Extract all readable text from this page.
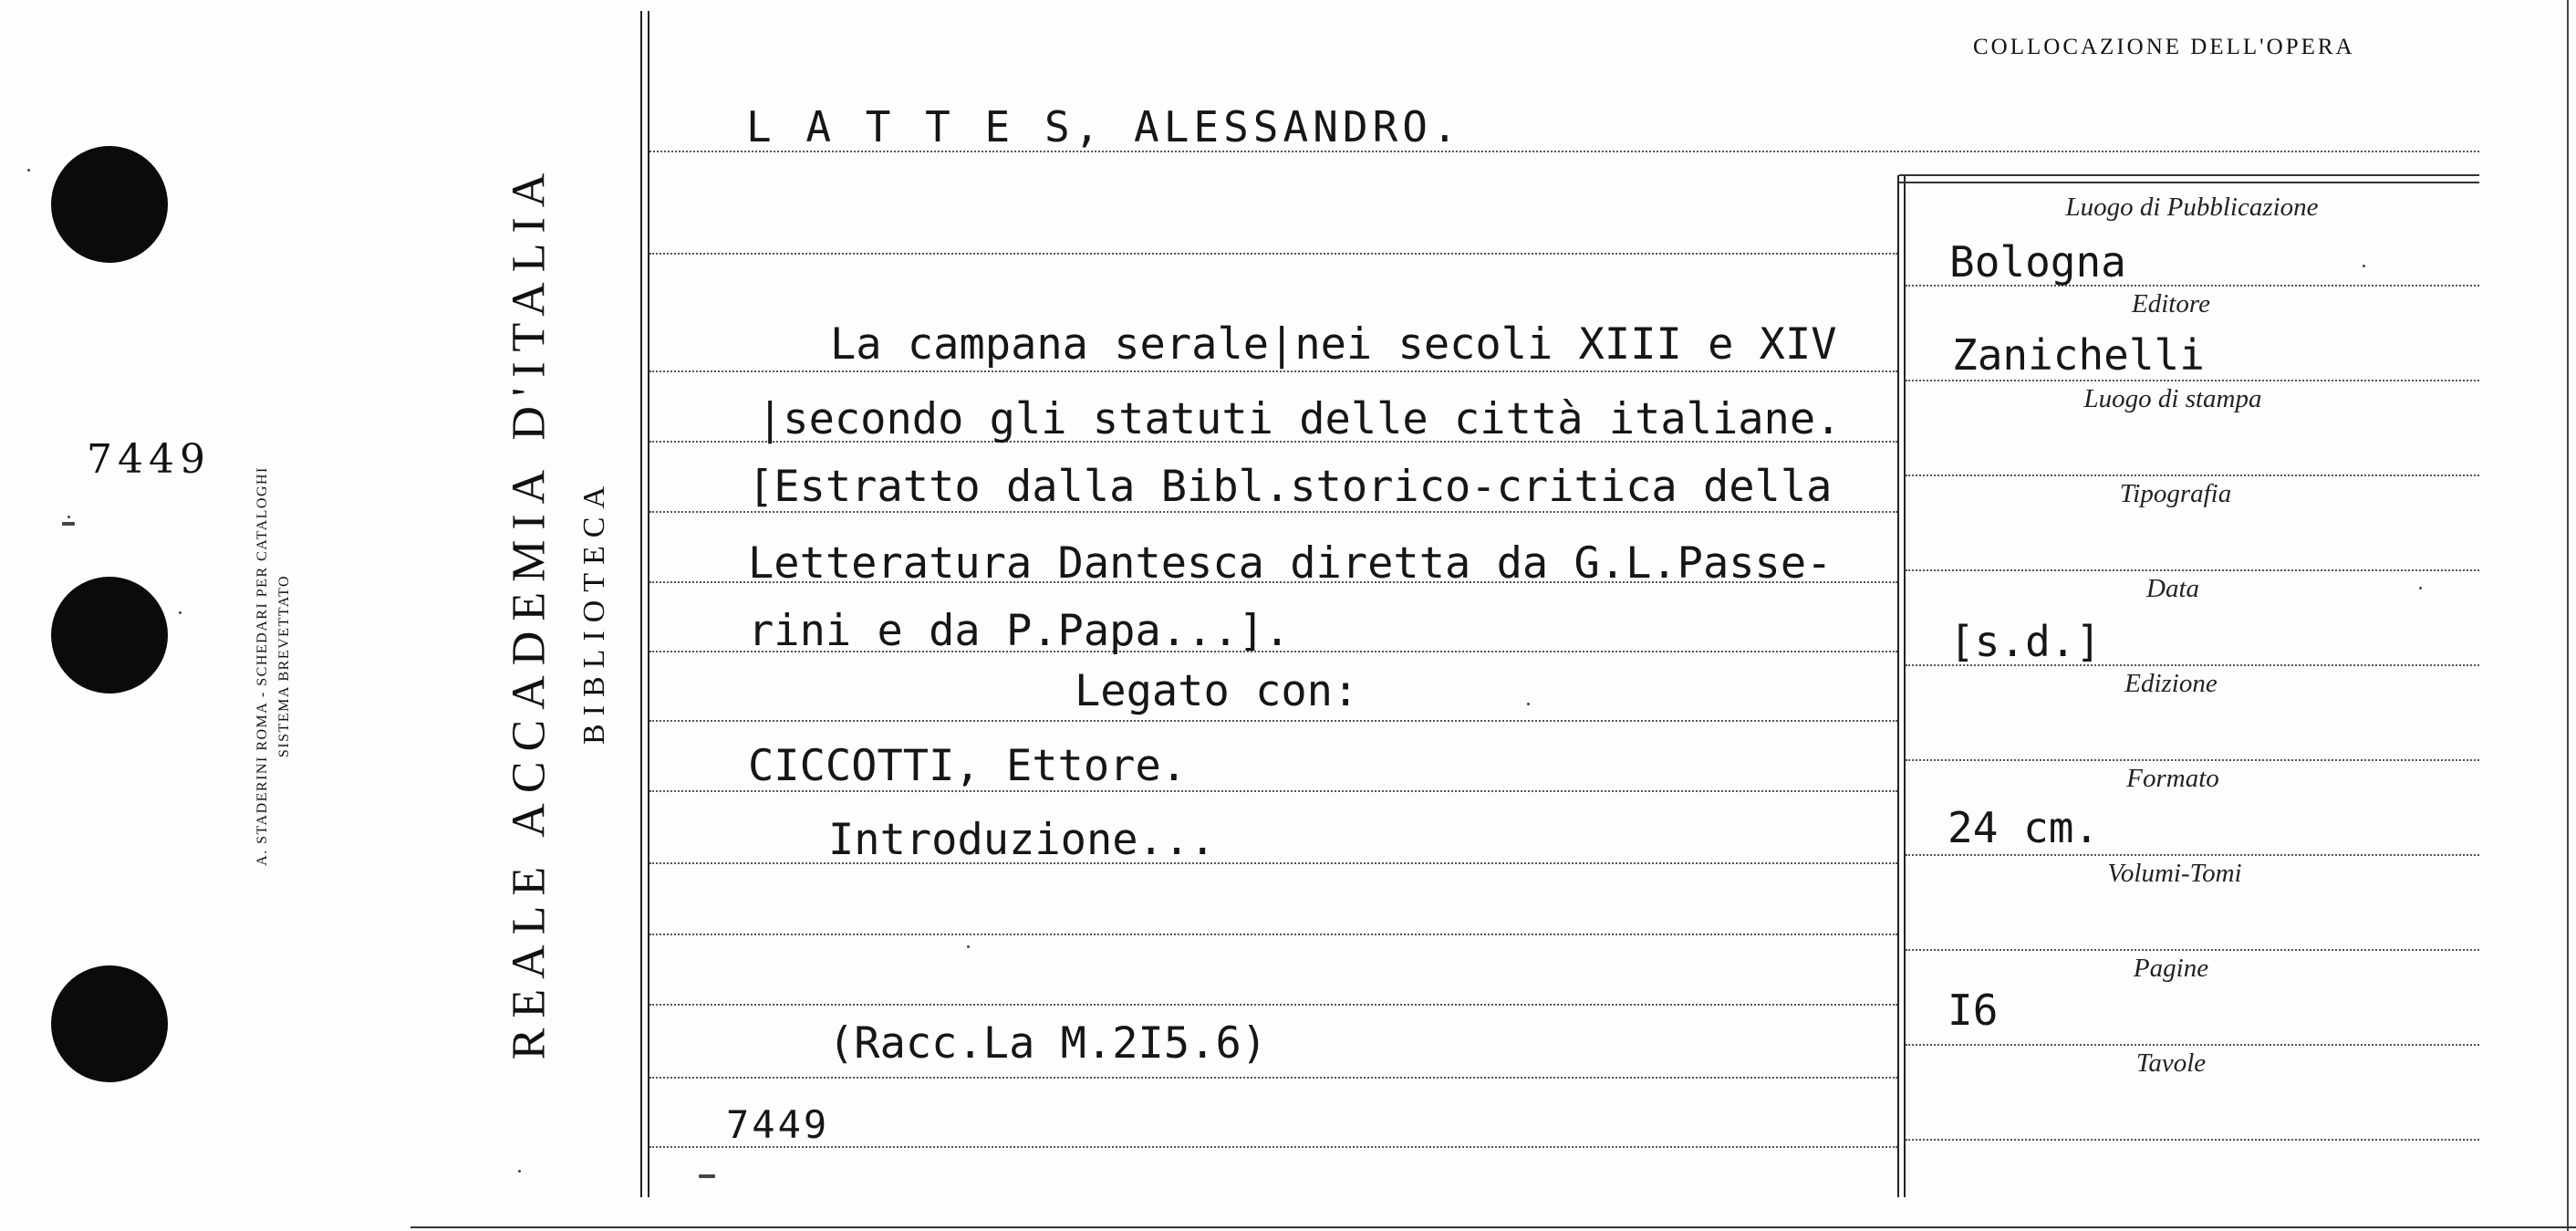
7449
A. STADERINI ROMA - SCHEDARI PER CATALOGHI SISTEMA BREVETTATO	REALE ACCADEMIA D'ITALIA BIBLIOTECA
COLLOCAZIONE DELL'OPERA
L A T T E S, ALESSANDRO.
La campana serale|nei secoli XIII e XIV
|secondo gli statuti delle città italiane.
[Estratto dalla Bibl.storico-critica della
Letteratura Dantesca diretta da G.L.Passe-
rini e da P.Papa...].
Legato con:
CICCOTTI, Ettore.
Introduzione...
(Racc.La M.2I5.6)
7449
Luogo di Pubblicazione
Bologna
Editore
Zanichelli
Luogo di stampa
Tipografia
Data
[s.d.]
Edizione
Formato
24 cm.
Volumi-Tomi
Pagine
I6
Tavole
